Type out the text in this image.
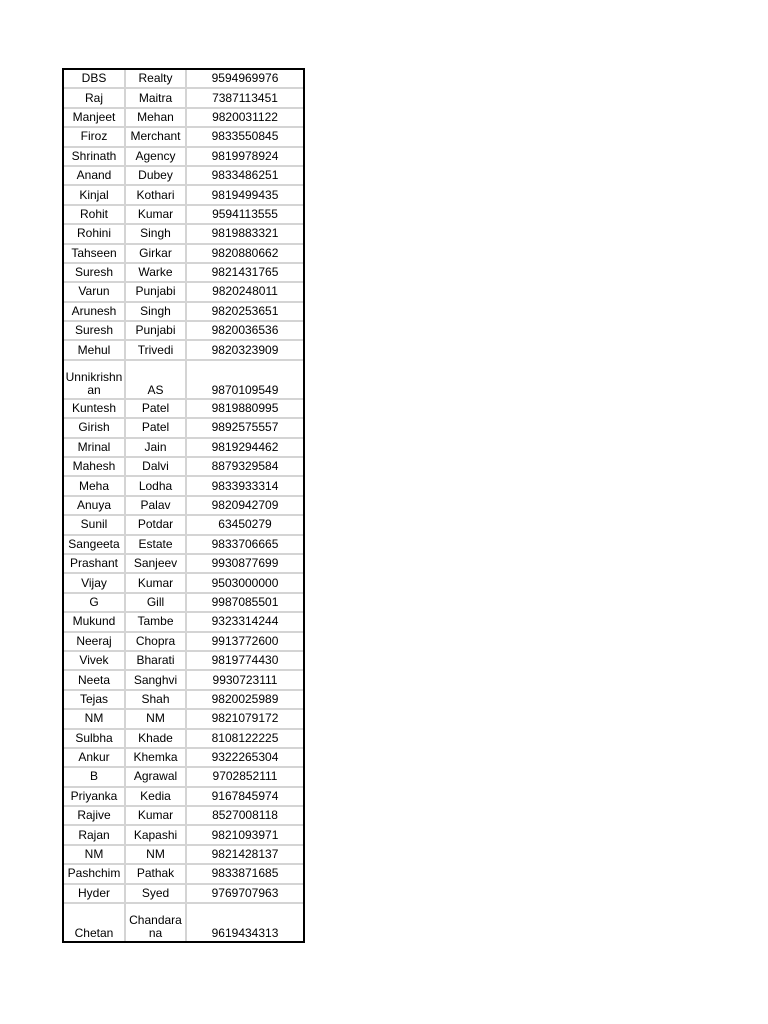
DBS	Realty	9594969976
Raj	Maitra	7387113451
Manjeet	Mehan	9820031122
Firoz	Merchant	9833550845
Shrinath	Agency	9819978924
Anand	Dubey	9833486251
Kinjal	Kothari	9819499435
Rohit	Kumar	9594113555
Rohini	Singh	9819883321
Tahseen	Girkar	9820880662
Suresh	Warke	9821431765
Varun	Punjabi	9820248011
Arunesh	Singh	9820253651
Suresh	Punjabi	9820036536
Mehul	Trivedi	9820323909
Unnikrishnan	AS	9870109549
Kuntesh	Patel	9819880995
Girish	Patel	9892575557
Mrinal	Jain	9819294462
Mahesh	Dalvi	8879329584
Meha	Lodha	9833933314
Anuya	Palav	9820942709
Sunil	Potdar	63450279
Sangeeta	Estate	9833706665
Prashant	Sanjeev	9930877699
Vijay	Kumar	9503000000
G	Gill	9987085501
Mukund	Tambe	9323314244
Neeraj	Chopra	9913772600
Vivek	Bharati	9819774430
Neeta	Sanghvi	9930723111
Tejas	Shah	9820025989
NM	NM	9821079172
Sulbha	Khade	8108122225
Ankur	Khemka	9322265304
B	Agrawal	9702852111
Priyanka	Kedia	9167845974
Rajive	Kumar	8527008118
Rajan	Kapashi	9821093971
NM	NM	9821428137
Pashchim	Pathak	9833871685
Hyder	Syed	9769707963
Chetan	Chandarana	9619434313
